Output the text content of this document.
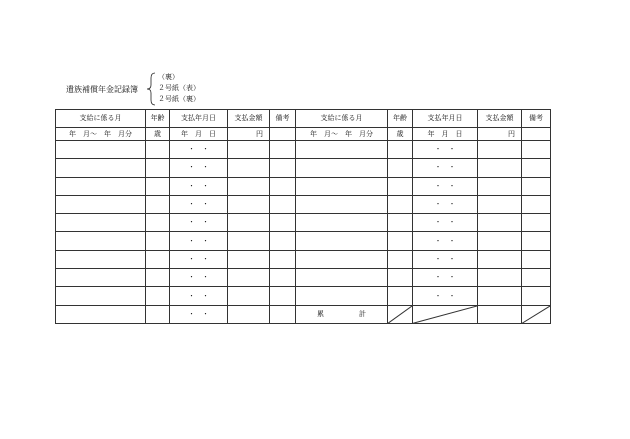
遺族補償年金記録簿
（裏）
２号紙（表）
２号紙（裏）
支給に係る月	年齢	支払年月日	支払金額	備考	支給に係る月	年齢	支払年月日	支払金額	備考
年　月～　年　月分	歳	年　月　日	円		年　月～　年　月分	歳	年　月　日	円	
		・　・					・　・		
		・　・					・　・		
		・　・					・　・		
		・　・					・　・		
		・　・					・　・		
		・　・					・　・		
		・　・					・　・		
		・　・					・　・		
		・　・					・　・		
		・　・			累　　　　　計	
